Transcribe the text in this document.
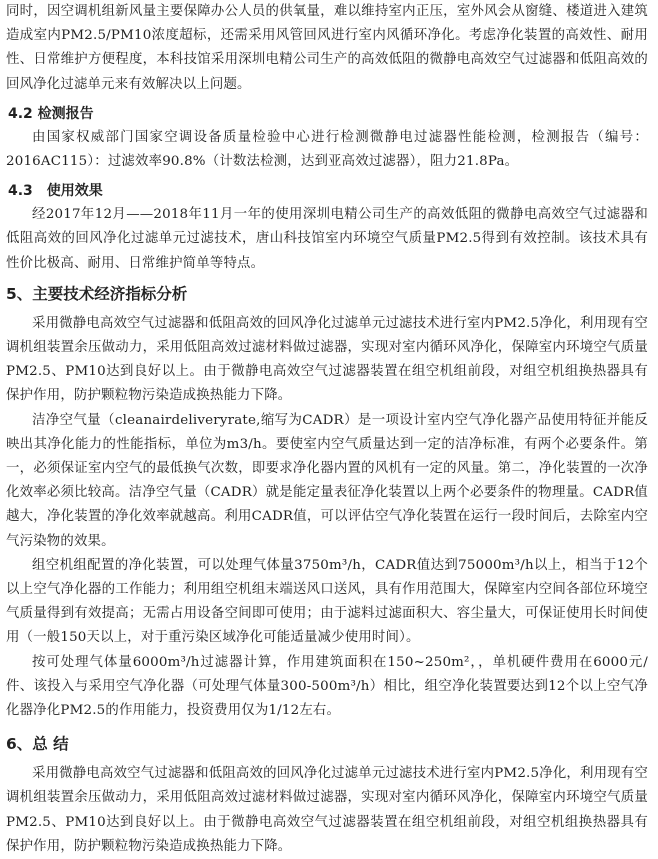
同时，因空调机组新风量主要保障办公人员的供氧量，难以维持室内正压，室外风会从窗缝、楼道进入建筑造成室内PM2.5/PM10浓度超标，还需采用风管回风进行室内风循环净化。考虑净化装置的高效性、耐用性、日常维护方便程度，本科技馆采用深圳电精公司生产的高效低阻的微静电高效空气过滤器和低阻高效的回风净化过滤单元来有效解决以上问题。

4.2 检测报告

由国家权威部门国家空调设备质量检验中心进行检测微静电过滤器性能检测，检测报告（编号：2016AC115）：过滤效率90.8%（计数法检测，达到亚高效过滤器），阻力21.8Pa。

4.3　使用效果

经2017年12月——2018年11月一年的使用深圳电精公司生产的高效低阻的微静电高效空气过滤器和低阻高效的回风净化过滤单元过滤技术，唐山科技馆室内环境空气质量PM2.5得到有效控制。该技术具有性价比极高、耐用、日常维护简单等特点。

5、主要技术经济指标分析

采用微静电高效空气过滤器和低阻高效的回风净化过滤单元过滤技术进行室内PM2.5净化，利用现有空调机组装置余压做动力，采用低阻高效过滤材料做过滤器，实现对室内循环风净化，保障室内环境空气质量PM2.5、PM10达到良好以上。由于微静电高效空气过滤器装置在组空机组前段，对组空机组换热器具有保护作用，防护颗粒物污染造成换热能力下降。

洁净空气量（cleanairdeliveryrate,缩写为CADR）是一项设计室内空气净化器产品使用特征并能反映出其净化能力的性能指标，单位为m3/h。要使室内空气质量达到一定的洁净标准，有两个必要条件。第一，必须保证室内空气的最低换气次数，即要求净化器内置的风机有一定的风量。第二，净化装置的一次净化效率必须比较高。洁净空气量（CADR）就是能定量表征净化装置以上两个必要条件的物理量。CADR值越大，净化装置的净化效率就越高。利用CADR值，可以评估空气净化装置在运行一段时间后，去除室内空气污染物的效果。

组空机组配置的净化装置，可以处理气体量3750m³/h，CADR值达到75000m³/h以上，相当于12个以上空气净化器的工作能力；利用组空机组末端送风口送风，具有作用范围大，保障室内空间各部位环境空气质量得到有效提高；无需占用设备空间即可使用；由于滤料过滤面积大、容尘量大，可保证使用长时间使用（一般150天以上，对于重污染区域净化可能适量减少使用时间）。

按可处理气体量6000m³/h过滤器计算，作用建筑面积在150~250m²，，单机硬件费用在6000元/件、该投入与采用空气净化器（可处理气体量300-500m³/h）相比，组空净化装置要达到12个以上空气净化器净化PM2.5的作用能力，投资费用仅为1/12左右。

6、总 结

采用微静电高效空气过滤器和低阻高效的回风净化过滤单元过滤技术进行室内PM2.5净化，利用现有空调机组装置余压做动力，采用低阻高效过滤材料做过滤器，实现对室内循环风净化，保障室内环境空气质量PM2.5、PM10达到良好以上。由于微静电高效空气过滤器装置在组空机组前段，对组空机组换热器具有保护作用，防护颗粒物污染造成换热能力下降。
